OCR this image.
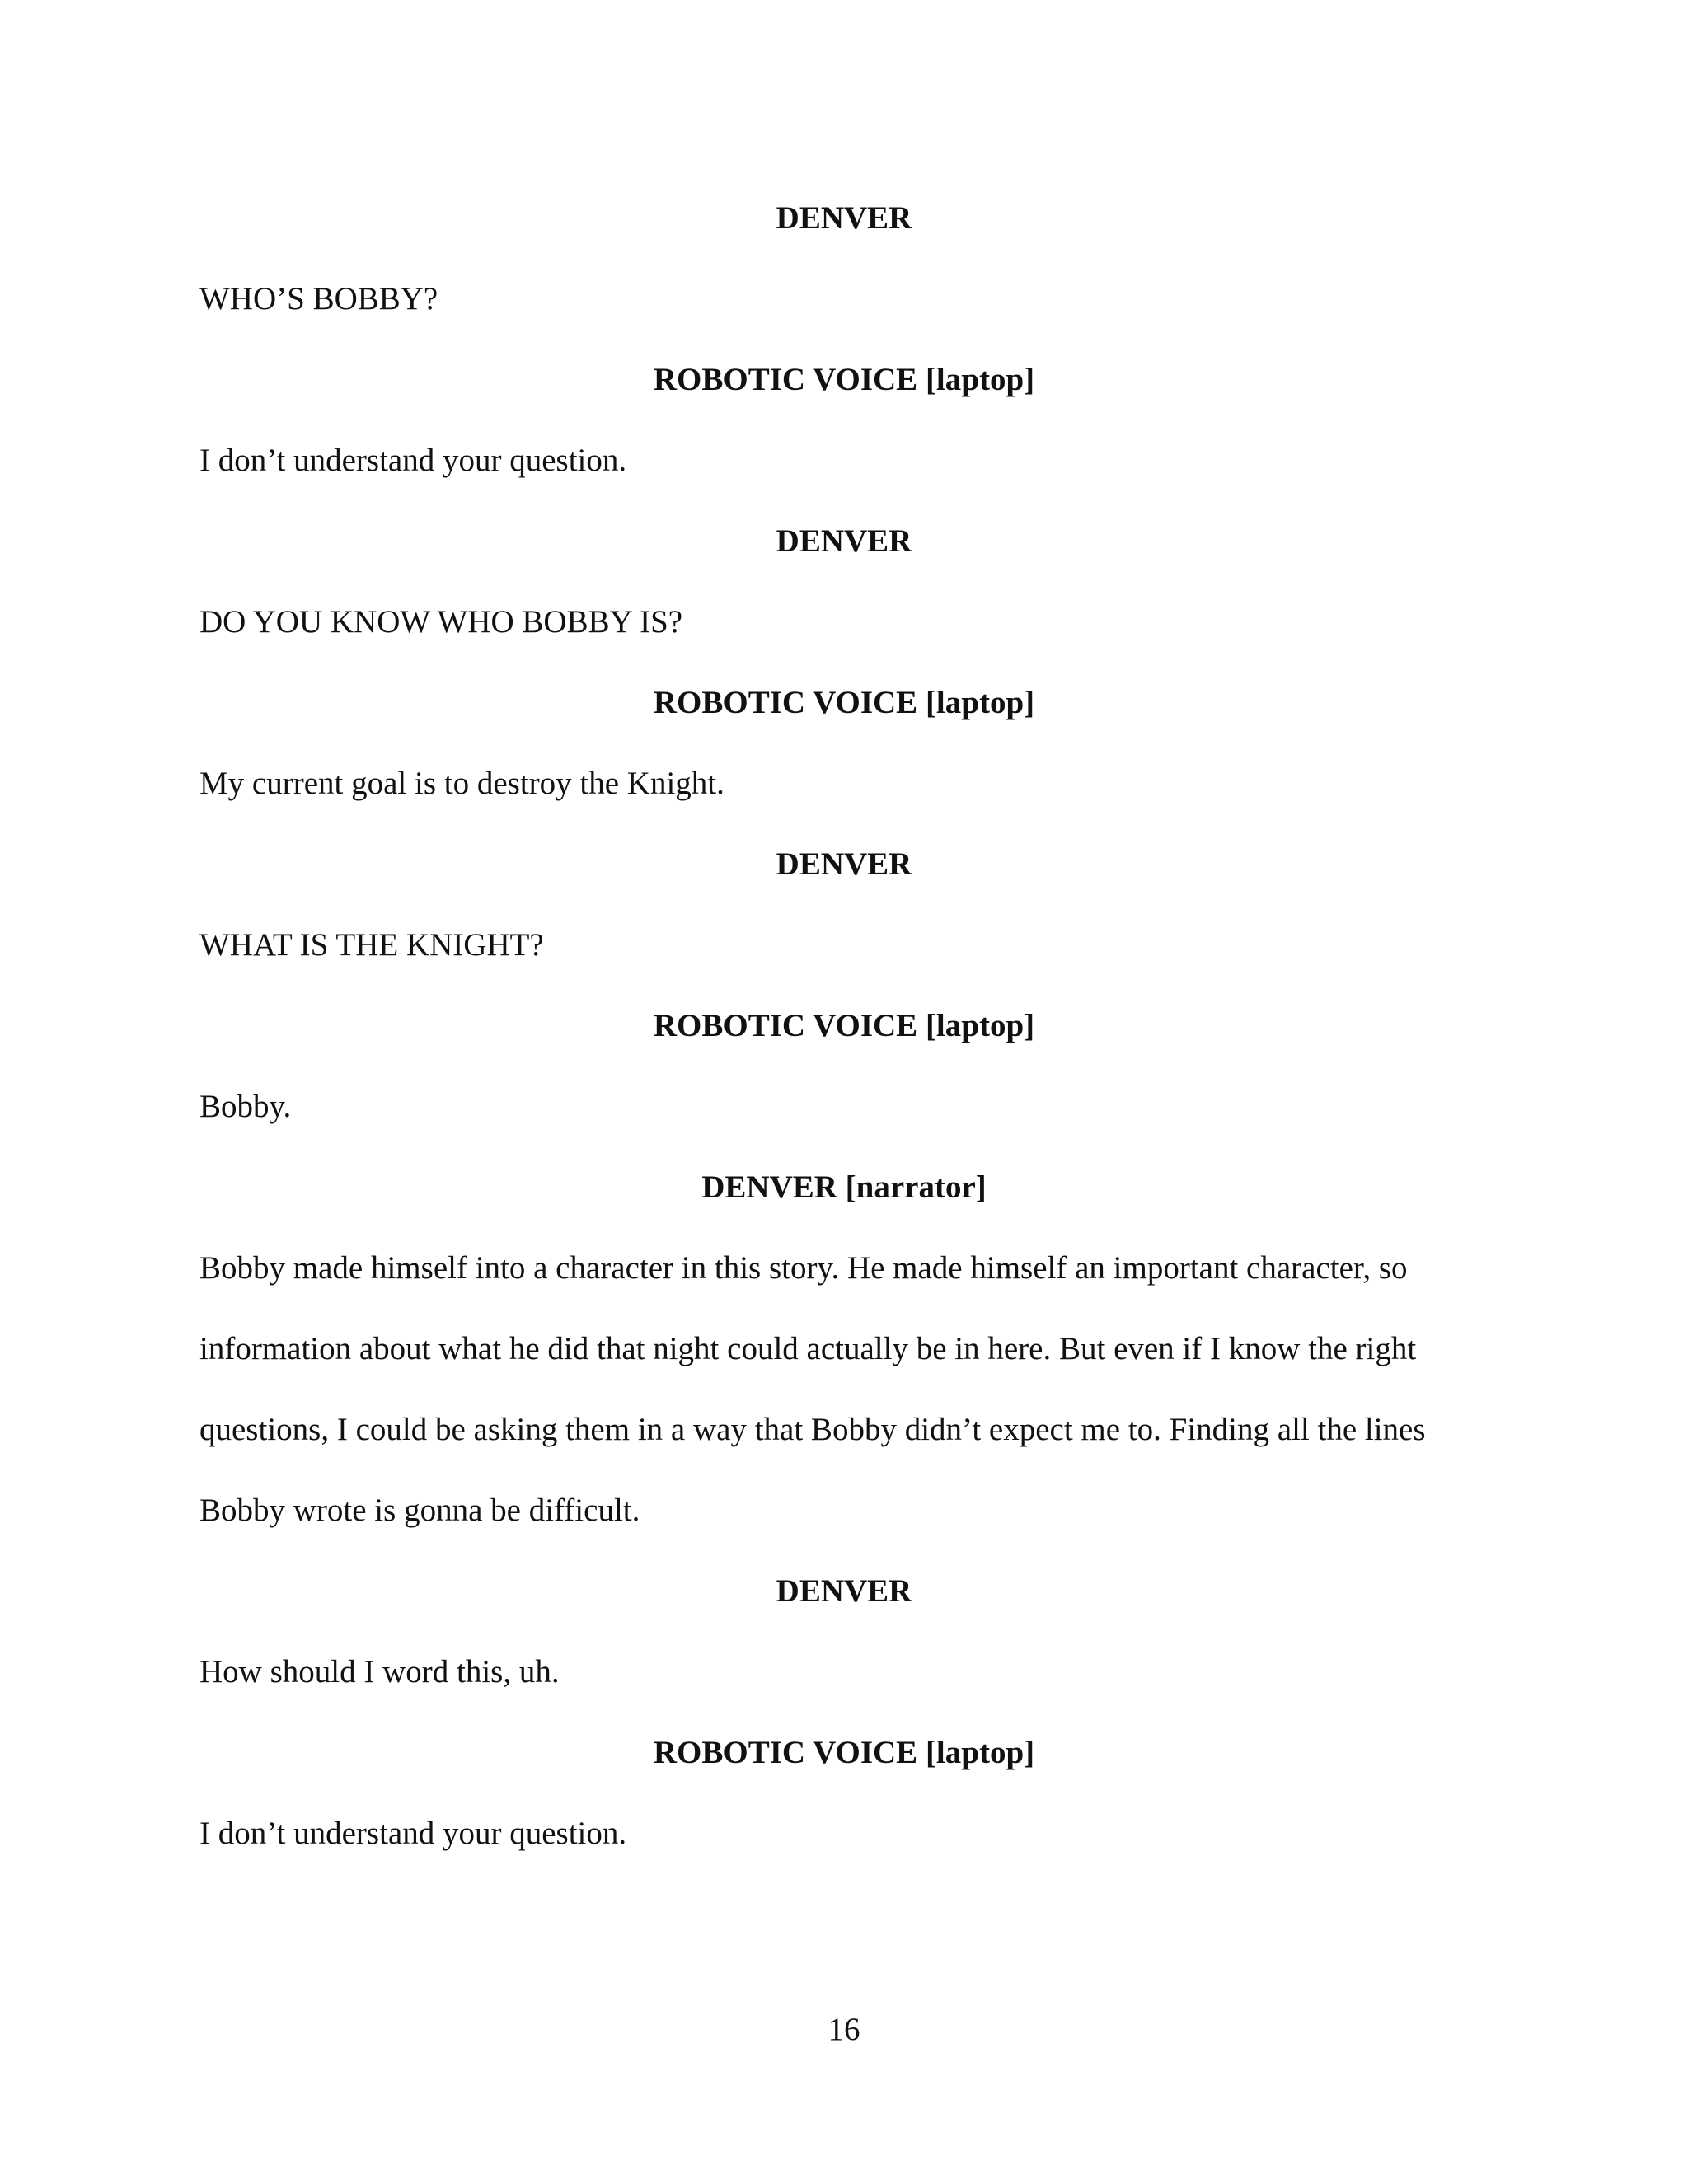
DENVER
WHO’S BOBBY?
ROBOTIC VOICE [laptop]
I don’t understand your question.
DENVER
DO YOU KNOW WHO BOBBY IS?
ROBOTIC VOICE [laptop]
My current goal is to destroy the Knight.
DENVER
WHAT IS THE KNIGHT?
ROBOTIC VOICE [laptop]
Bobby.
DENVER [narrator]
Bobby made himself into a character in this story. He made himself an important character, so
information about what he did that night could actually be in here. But even if I know the right
questions, I could be asking them in a way that Bobby didn’t expect me to. Finding all the lines
Bobby wrote is gonna be difficult.
DENVER
How should I word this, uh.
ROBOTIC VOICE [laptop]
I don’t understand your question.
16
